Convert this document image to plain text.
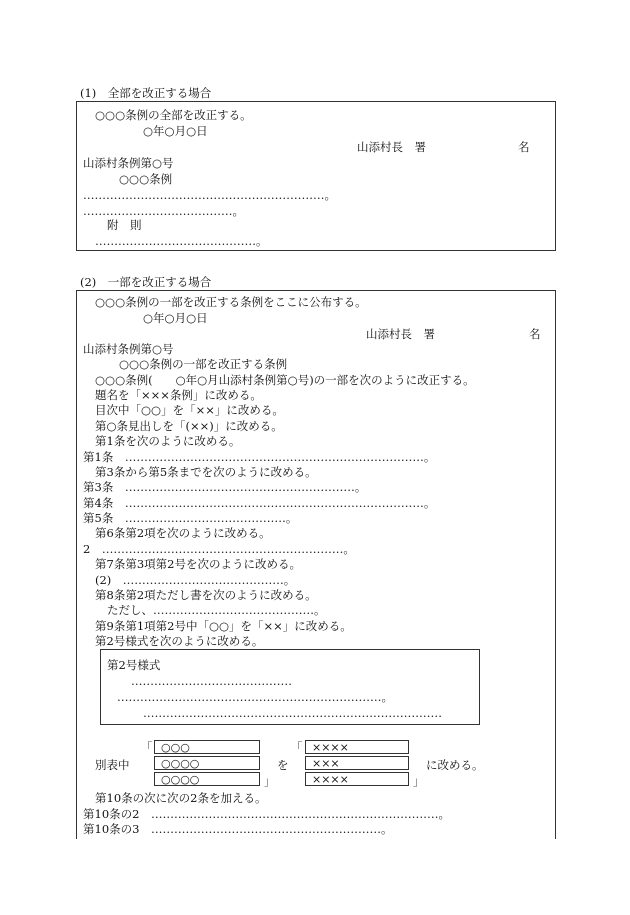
(1)　全部を改正する場合
○○○条例の全部を改正する。
○年○月○日
山添村長　署	名
山添村条例第○号
○○○条例
………………………………………………………。
…………………………………。
附　則
……………………………………。
(2)　一部を改正する場合
○○○条例の一部を改正する条例をここに公布する。
○年○月○日
山添村長　署	名
山添村条例第○号
○○○条例の一部を改正する条例
○○○条例(　　○年○月山添村条例第○号)の一部を次のように改正する。
題名を「×××条例」に改める。
目次中「○○」を「××」に改める。
第○条見出しを「(××)」に改める。
第1条を次のように改める。
第1条　……………………………………………………………………。
第3条から第5条までを次のように改める。
第3条　……………………………………………………。
第4条　……………………………………………………………………。
第5条　……………………………………。
第6条第2項を次のように改める。
2　………………………………………………………。
第7条第3項第2号を次のように改める。
(2)　……………………………………。
第8条第2項ただし書を次のように改める。
ただし、……………………………………。
第9条第1項第2号中「○○」を「××」に改める。
第2号様式を次のように改める。
第2号様式
……………………………………
……………………………………………………………。
……………………………………………………………………
別表中
「 ○○○
○○○○
○○○○	」
を
「 ××××
×××
××××	」
に改める。
第10条の次に次の2条を加える。
第10条の2　…………………………………………………………………。
第10条の3　……………………………………………………。
